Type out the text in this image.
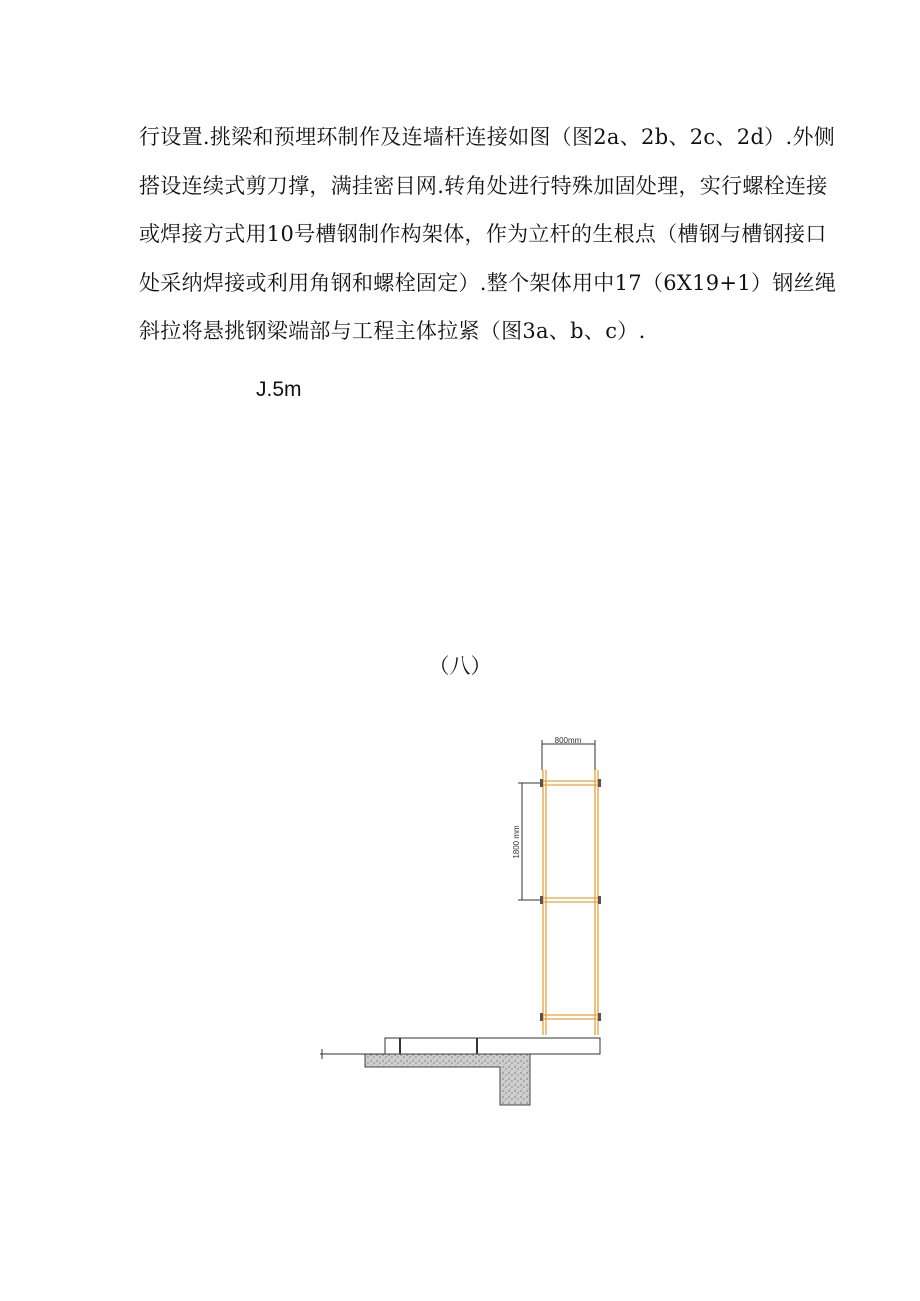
行设置.挑梁和预埋环制作及连墙杆连接如图（图2a、2b、2c、2d）.外侧
搭设连续式剪刀撑，满挂密目网.转角处进行特殊加固处理，实行螺栓连接
或焊接方式用10号槽钢制作构架体，作为立杆的生根点（槽钢与槽钢接口
处采纳焊接或利用角钢和螺栓固定）.整个架体用中17（6X19+1）钢丝绳
斜拉将悬挑钢梁端部与工程主体拉紧（图3a、b、c）.
J.5m
（八）
800mm
1800 mm
